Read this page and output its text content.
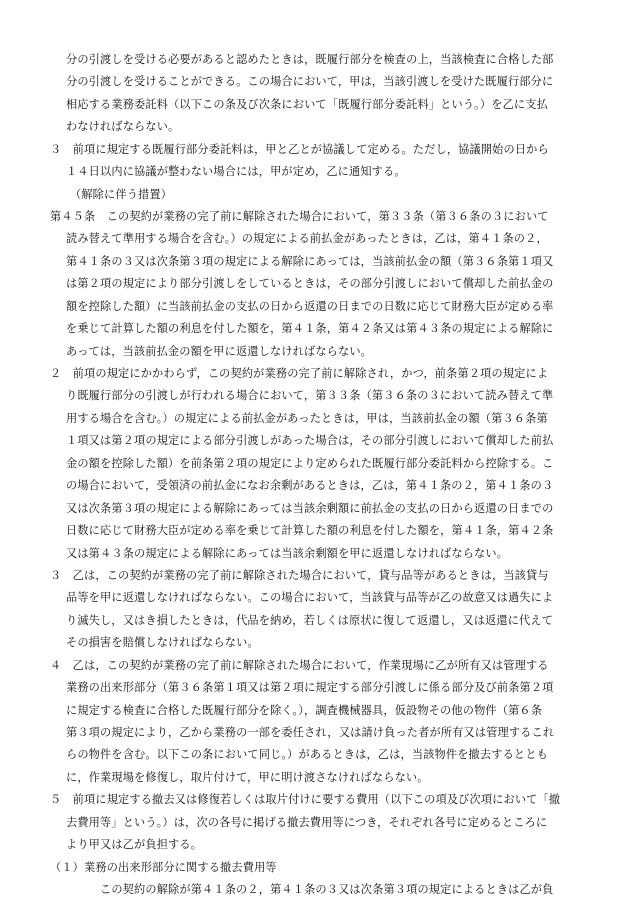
分の引渡しを受ける必要があると認めたときは，既履行部分を検査の上，当該検査に合格した部

分の引渡しを受けることができる。この場合において，甲は，当該引渡しを受けた既履行部分に

相応する業務委託料（以下この条及び次条において「既履行部分委託料」という。）を乙に支払

わなければならない。

３　前項に規定する既履行部分委託料は，甲と乙とが協議して定める。ただし，協議開始の日から

１４日以内に協議が整わない場合には，甲が定め，乙に通知する。

（解除に伴う措置）

第４５条　この契約が業務の完了前に解除された場合において，第３３条（第３６条の３において

読み替えて準用する場合を含む。）の規定による前払金があったときは，乙は，第４１条の２，

第４１条の３又は次条第３項の規定による解除にあっては，当該前払金の額（第３６条第１項又

は第２項の規定により部分引渡しをしているときは，その部分引渡しにおいて償却した前払金の

額を控除した額）に当該前払金の支払の日から返還の日までの日数に応じて財務大臣が定める率

を乗じて計算した額の利息を付した額を，第４１条，第４２条又は第４３条の規定による解除に

あっては，当該前払金の額を甲に返還しなければならない。

２　前項の規定にかかわらず，この契約が業務の完了前に解除され，かつ，前条第２項の規定によ

り既履行部分の引渡しが行われる場合において，第３３条（第３６条の３において読み替えて準

用する場合を含む。）の規定による前払金があったときは，甲は，当該前払金の額（第３６条第

１項又は第２項の規定による部分引渡しがあった場合は，その部分引渡しにおいて償却した前払

金の額を控除した額）を前条第２項の規定により定められた既履行部分委託料から控除する。こ

の場合において，受領済の前払金になお余剰があるときは，乙は，第４１条の２，第４１条の３

又は次条第３項の規定による解除にあっては当該余剰額に前払金の支払の日から返還の日までの

日数に応じて財務大臣が定める率を乗じて計算した額の利息を付した額を，第４１条，第４２条

又は第４３条の規定による解除にあっては当該余剰額を甲に返還しなければならない。

３　乙は，この契約が業務の完了前に解除された場合において，貸与品等があるときは，当該貸与

品等を甲に返還しなければならない。この場合において，当該貸与品等が乙の故意又は過失によ

り滅失し，又はき損したときは，代品を納め，若しくは原状に復して返還し，又は返還に代えて

その損害を賠償しなければならない。

４　乙は，この契約が業務の完了前に解除された場合において，作業現場に乙が所有又は管理する

業務の出来形部分（第３６条第１項又は第２項に規定する部分引渡しに係る部分及び前条第２項

に規定する検査に合格した既履行部分を除く。），調査機械器具，仮設物その他の物件（第６条

第３項の規定により，乙から業務の一部を委任され，又は請け負った者が所有又は管理するこれ

らの物件を含む。以下この条において同じ。）があるときは，乙は，当該物件を撤去するととも

に，作業現場を修復し，取片付けて，甲に明け渡さなければならない。

５　前項に規定する撤去又は修復若しくは取片付けに要する費用（以下この項及び次項において「撤

去費用等」という。）は，次の各号に掲げる撤去費用等につき，それぞれ各号に定めるところに

より甲又は乙が負担する。

（１）業務の出来形部分に関する撤去費用等

この契約の解除が第４１条の２，第４１条の３又は次条第３項の規定によるときは乙が負
